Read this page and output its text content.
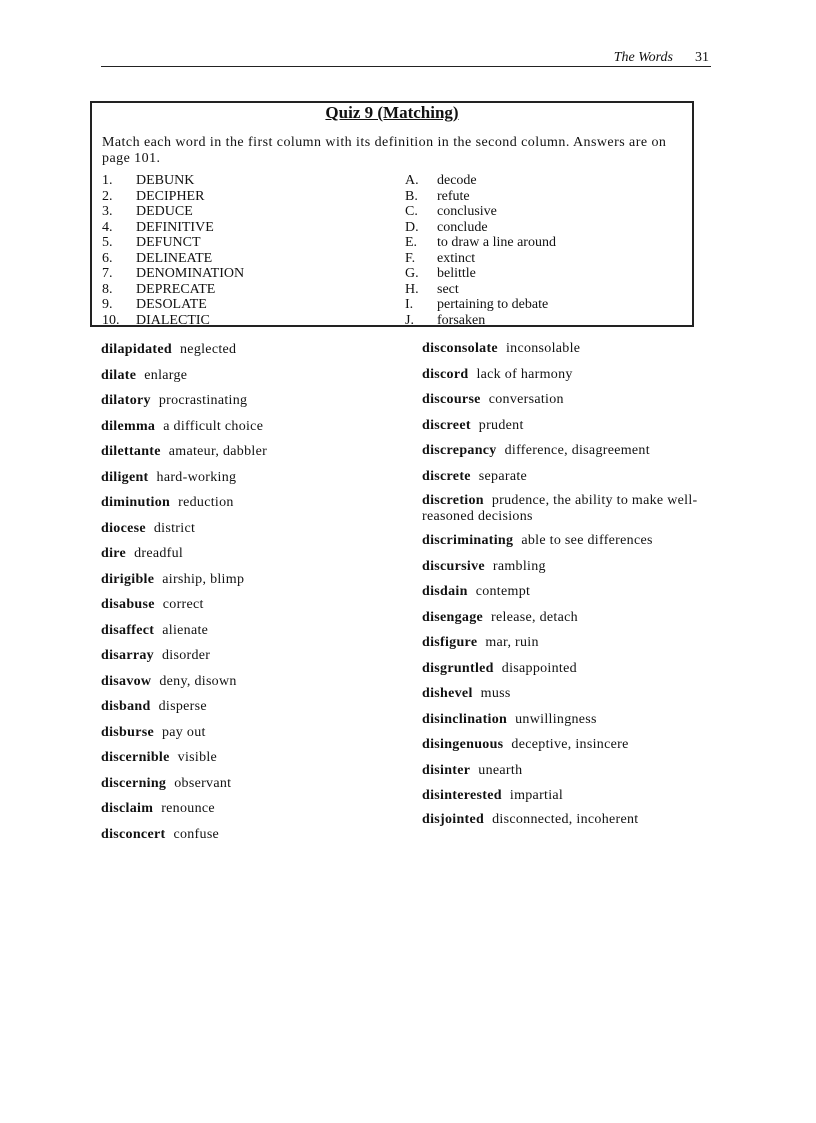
The Words 31
Quiz 9 (Matching)
Match each word in the first column with its definition in the second column. Answers are on page 101.
1. DEBUNK
2. DECIPHER
3. DEDUCE
4. DEFINITIVE
5. DEFUNCT
6. DELINEATE
7. DENOMINATION
8. DEPRECATE
9. DESOLATE
10. DIALECTIC
A. decode
B. refute
C. conclusive
D. conclude
E. to draw a line around
F. extinct
G. belittle
H. sect
I. pertaining to debate
J. forsaken
dilapidated neglected
dilate enlarge
dilatory procrastinating
dilemma a difficult choice
dilettante amateur, dabbler
diligent hard-working
diminution reduction
diocese district
dire dreadful
dirigible airship, blimp
disabuse correct
disaffect alienate
disarray disorder
disavow deny, disown
disband disperse
disburse pay out
discernible visible
discerning observant
disclaim renounce
disconcert confuse
disconsolate inconsolable
discord lack of harmony
discourse conversation
discreet prudent
discrepancy difference, disagreement
discrete separate
discretion prudence, the ability to make well-reasoned decisions
discriminating able to see differences
discursive rambling
disdain contempt
disengage release, detach
disfigure mar, ruin
disgruntled disappointed
dishevel muss
disinclination unwillingness
disingenuous deceptive, insincere
disinter unearth
disinterested impartial
disjointed disconnected, incoherent
